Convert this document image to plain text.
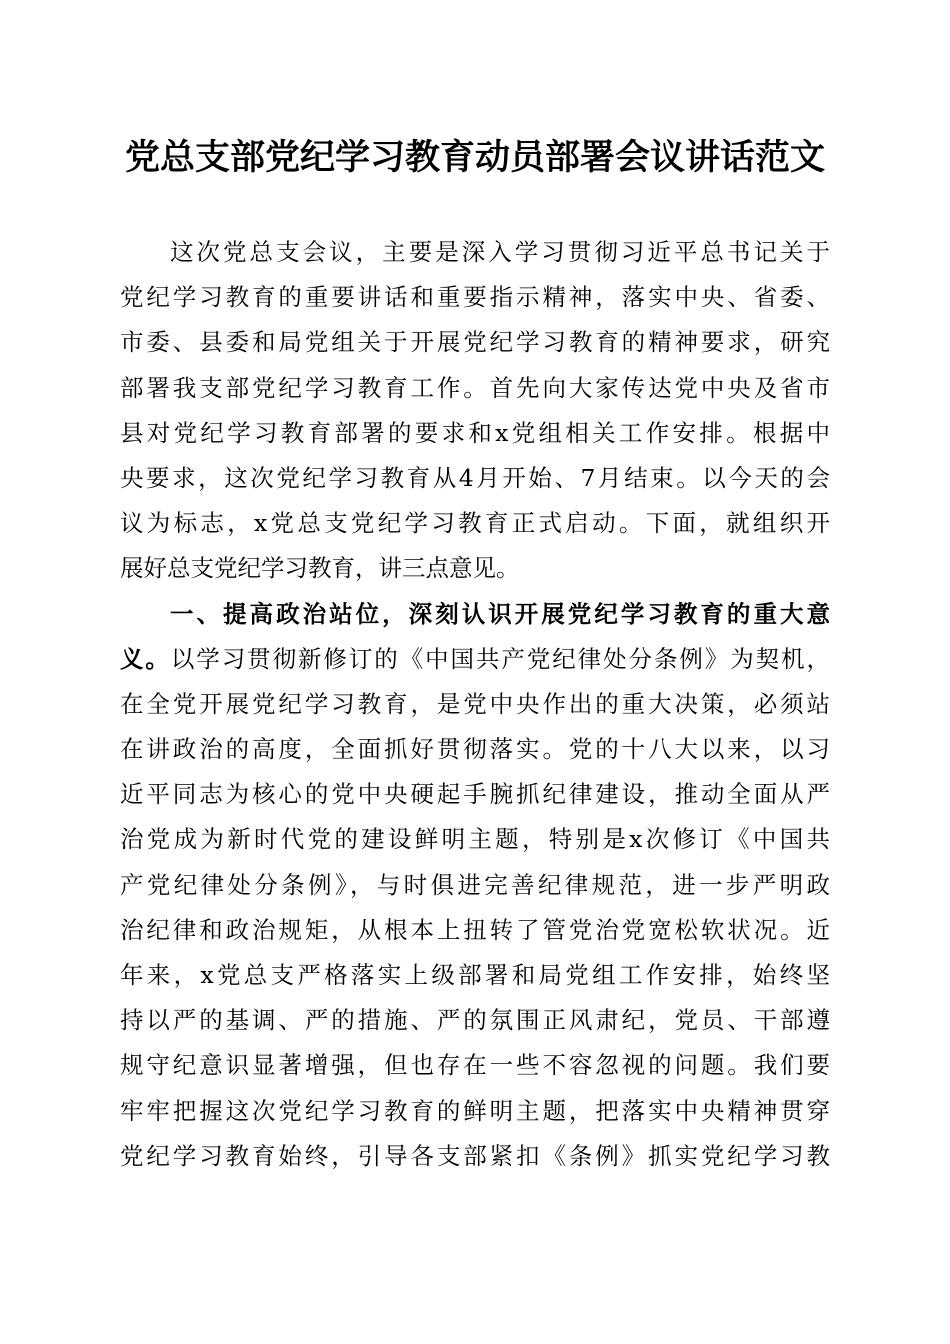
党总支部党纪学习教育动员部署会议讲话范文
这次党总支会议，主要是深入学习贯彻习近平总书记关于
党纪学习教育的重要讲话和重要指示精神，落实中央、省委、
市委、县委和局党组关于开展党纪学习教育的精神要求，研究
部署我支部党纪学习教育工作。首先向大家传达党中央及省市
县对党纪学习教育部署的要求和x党组相关工作安排。根据中
央要求，这次党纪学习教育从4月开始、7月结束。以今天的会
议为标志，x党总支党纪学习教育正式启动。下面，就组织开
展好总支党纪学习教育，讲三点意见。
一、提高政治站位，深刻认识开展党纪学习教育的重大意
义。以学习贯彻新修订的《中国共产党纪律处分条例》为契机，
在全党开展党纪学习教育，是党中央作出的重大决策，必须站
在讲政治的高度，全面抓好贯彻落实。党的十八大以来，以习
近平同志为核心的党中央硬起手腕抓纪律建设，推动全面从严
治党成为新时代党的建设鲜明主题，特别是x次修订《中国共
产党纪律处分条例》，与时俱进完善纪律规范，进一步严明政
治纪律和政治规矩，从根本上扭转了管党治党宽松软状况。近
年来，x党总支严格落实上级部署和局党组工作安排，始终坚
持以严的基调、严的措施、严的氛围正风肃纪，党员、干部遵
规守纪意识显著增强，但也存在一些不容忽视的问题。我们要
牢牢把握这次党纪学习教育的鲜明主题，把落实中央精神贯穿
党纪学习教育始终，引导各支部紧扣《条例》抓实党纪学习教
